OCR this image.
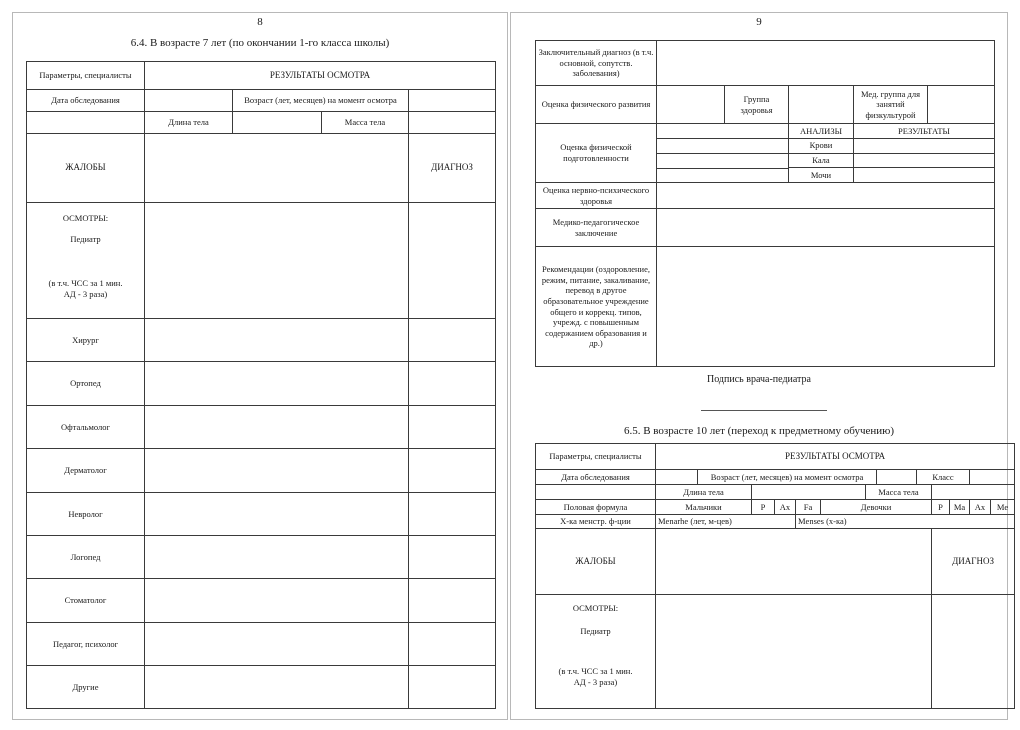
8
6.4. В возрасте 7 лет (по окончании 1-го класса школы)
Параметры, специалисты	РЕЗУЛЬТАТЫ ОСМОТРА			
Дата обследования		Возраст (лет, месяцев) на момент осмотра		
	Длина тела		Масса тела	
ЖАЛОБЫ				ДИАГНОЗ

ОСМОТРЫ:
Педиатр
(в т.ч. ЧСС за 1 мин. АД - 3 раза)				

Хирург				
Ортопед				
Офтальмолог				
Дерматолог				
Невролог				
Логопед				
Стоматолог				
Педагог, психолог				
Другие				
9
Заключительный диагноз (в т.ч. основной, сопутств. заболевания)					
Оценка физического развития		Группа здоровья		Мед. группа для занятий физкультурой	
Оценка физической подготовленности			АНАЛИЗЫ	РЕЗУЛЬТАТЫ	
			Крови		
			Кала		
			Мочи		
Оценка нервно-психического здоровья					
Медико-педагогическое заключение					
Рекомендации (оздоровление, режим, питание, закаливание, перевод в другое образовательное учреждение общего и коррекц. типов, учрежд. с повышенным содержанием образования и др.)					
Подпись врача-педиатра
6.5. В возрасте 10 лет (переход к предметному обучению)
Параметры, специалисты	РЕЗУЛЬТАТЫ ОСМОТРА												
Дата обследования		Возраст (лет, месяцев) на момент осмотра							Класс				
	Длина тела						Масса тела						
Половая формула	Мальчики		P	Ax	Fa	Девочки				P	Ma	Ax	Me
Х-ка менстр. ф-ции	Menarhe (лет, м-цев)				Menses (х-ка)								
ЖАЛОБЫ										ДИАГНОЗ			

ОСМОТРЫ:
Педиатр
(в т.ч. ЧСС за 1 мин. АД - 3 раза)													
